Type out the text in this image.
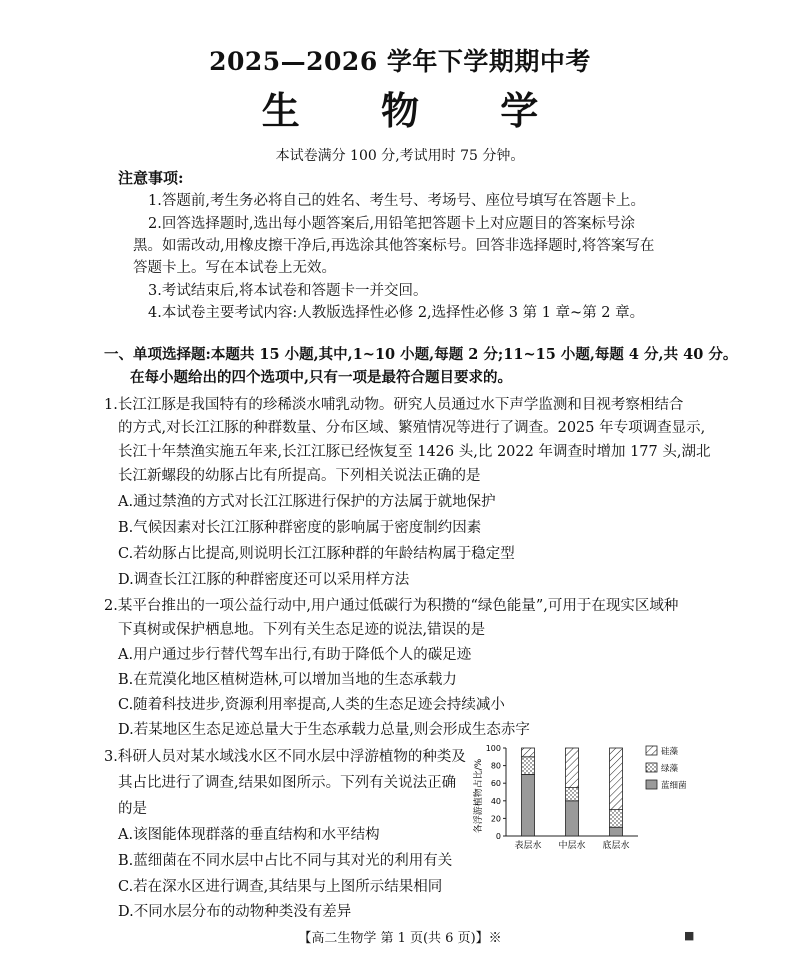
2025—2026 学年下学期期中考
生 物 学
本试卷满分 100 分,考试用时 75 分钟。
注意事项:
1.答题前,考生务必将自己的姓名、考生号、考场号、座位号填写在答题卡上。
2.回答选择题时,选出每小题答案后,用铅笔把答题卡上对应题目的答案标号涂
黑。如需改动,用橡皮擦干净后,再选涂其他答案标号。回答非选择题时,将答案写在
答题卡上。写在本试卷上无效。
3.考试结束后,将本试卷和答题卡一并交回。
4.本试卷主要考试内容:人教版选择性必修 2,选择性必修 3 第 1 章~第 2 章。
一、单项选择题:本题共 15 小题,其中,1~10 小题,每题 2 分;11~15 小题,每题 4 分,共 40 分。
在每小题给出的四个选项中,只有一项是最符合题目要求的。
1.长江江豚是我国特有的珍稀淡水哺乳动物。研究人员通过水下声学监测和目视考察相结合
的方式,对长江江豚的种群数量、分布区域、繁殖情况等进行了调查。2025 年专项调查显示,
长江十年禁渔实施五年来,长江江豚已经恢复至 1426 头,比 2022 年调查时增加 177 头,湖北
长江新螺段的幼豚占比有所提高。下列相关说法正确的是
A.通过禁渔的方式对长江江豚进行保护的方法属于就地保护
B.气候因素对长江江豚种群密度的影响属于密度制约因素
C.若幼豚占比提高,则说明长江江豚种群的年龄结构属于稳定型
D.调查长江江豚的种群密度还可以采用样方法
2.某平台推出的一项公益行动中,用户通过低碳行为积攒的“绿色能量”,可用于在现实区域种
下真树或保护栖息地。下列有关生态足迹的说法,错误的是
A.用户通过步行替代驾车出行,有助于降低个人的碳足迹
B.在荒漠化地区植树造林,可以增加当地的生态承载力
C.随着科技进步,资源利用率提高,人类的生态足迹会持续减小
D.若某地区生态足迹总量大于生态承载力总量,则会形成生态赤字
3.科研人员对某水域浅水区不同水层中浮游植物的种类及
其占比进行了调查,结果如图所示。下列有关说法正确
的是
A.该图能体现群落的垂直结构和水平结构
B.蓝细菌在不同水层中占比不同与其对光的利用有关
C.若在深水区进行调查,其结果与上图所示结果相同
D.不同水层分布的动物种类没有差异
各浮游植物占比/%
0
20
40
60
80
100
表层水 中层水 底层水
硅藻
绿藻
蓝细菌
【高二生物学 第 1 页(共 6 页)】※	■
